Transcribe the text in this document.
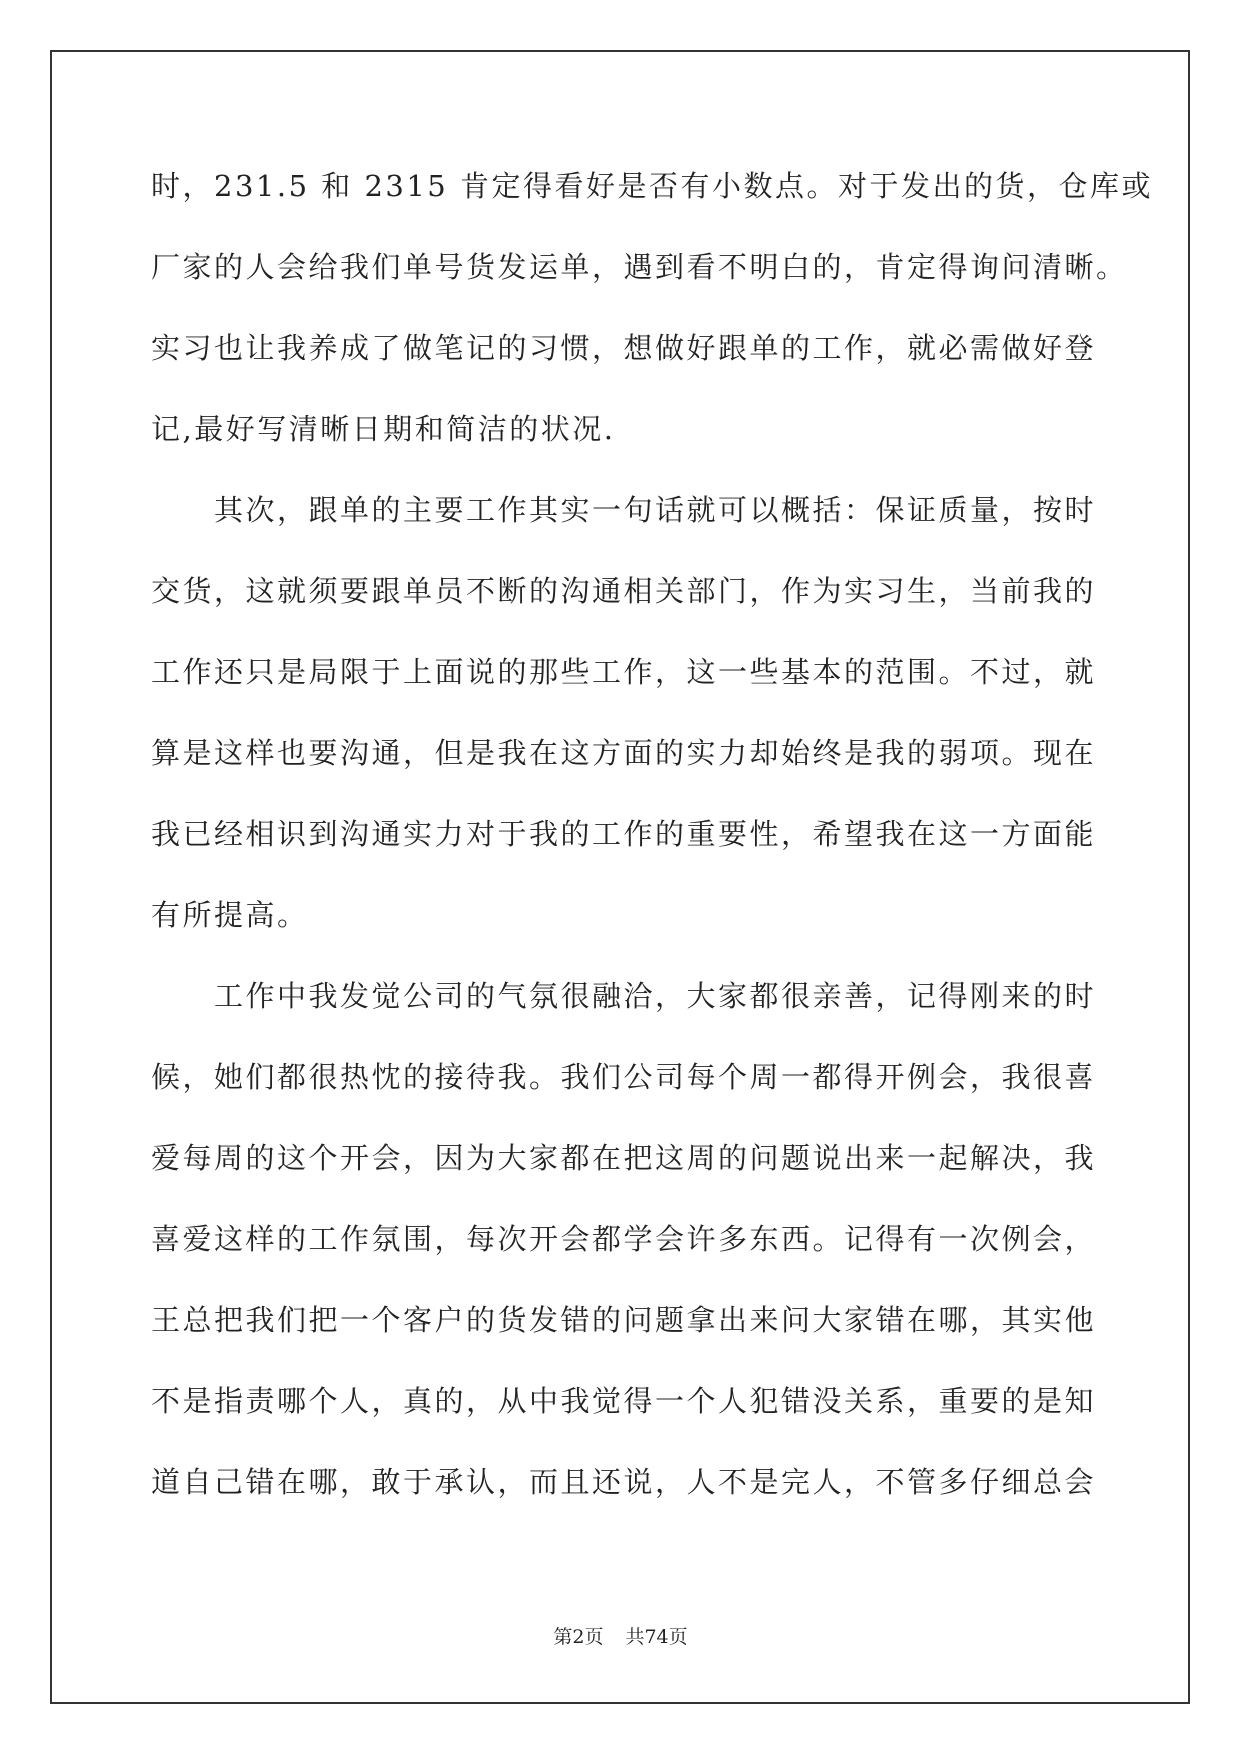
时，231.5 和 2315 肯定得看好是否有小数点。对于发出的货，仓库或
厂家的人会给我们单号货发运单，遇到看不明白的，肯定得询问清晰。
实习也让我养成了做笔记的习惯，想做好跟单的工作，就必需做好登
记,最好写清晰日期和简洁的状况.
其次，跟单的主要工作其实一句话就可以概括：保证质量，按时
交货，这就须要跟单员不断的沟通相关部门，作为实习生，当前我的
工作还只是局限于上面说的那些工作，这一些基本的范围。不过，就
算是这样也要沟通，但是我在这方面的实力却始终是我的弱项。现在
我已经相识到沟通实力对于我的工作的重要性，希望我在这一方面能
有所提高。
工作中我发觉公司的气氛很融洽，大家都很亲善，记得刚来的时
候，她们都很热忱的接待我。我们公司每个周一都得开例会，我很喜
爱每周的这个开会，因为大家都在把这周的问题说出来一起解决，我
喜爱这样的工作氛围，每次开会都学会许多东西。记得有一次例会，
王总把我们把一个客户的货发错的问题拿出来问大家错在哪，其实他
不是指责哪个人，真的，从中我觉得一个人犯错没关系，重要的是知
道自己错在哪，敢于承认，而且还说，人不是完人，不管多仔细总会
第2页 共74页
